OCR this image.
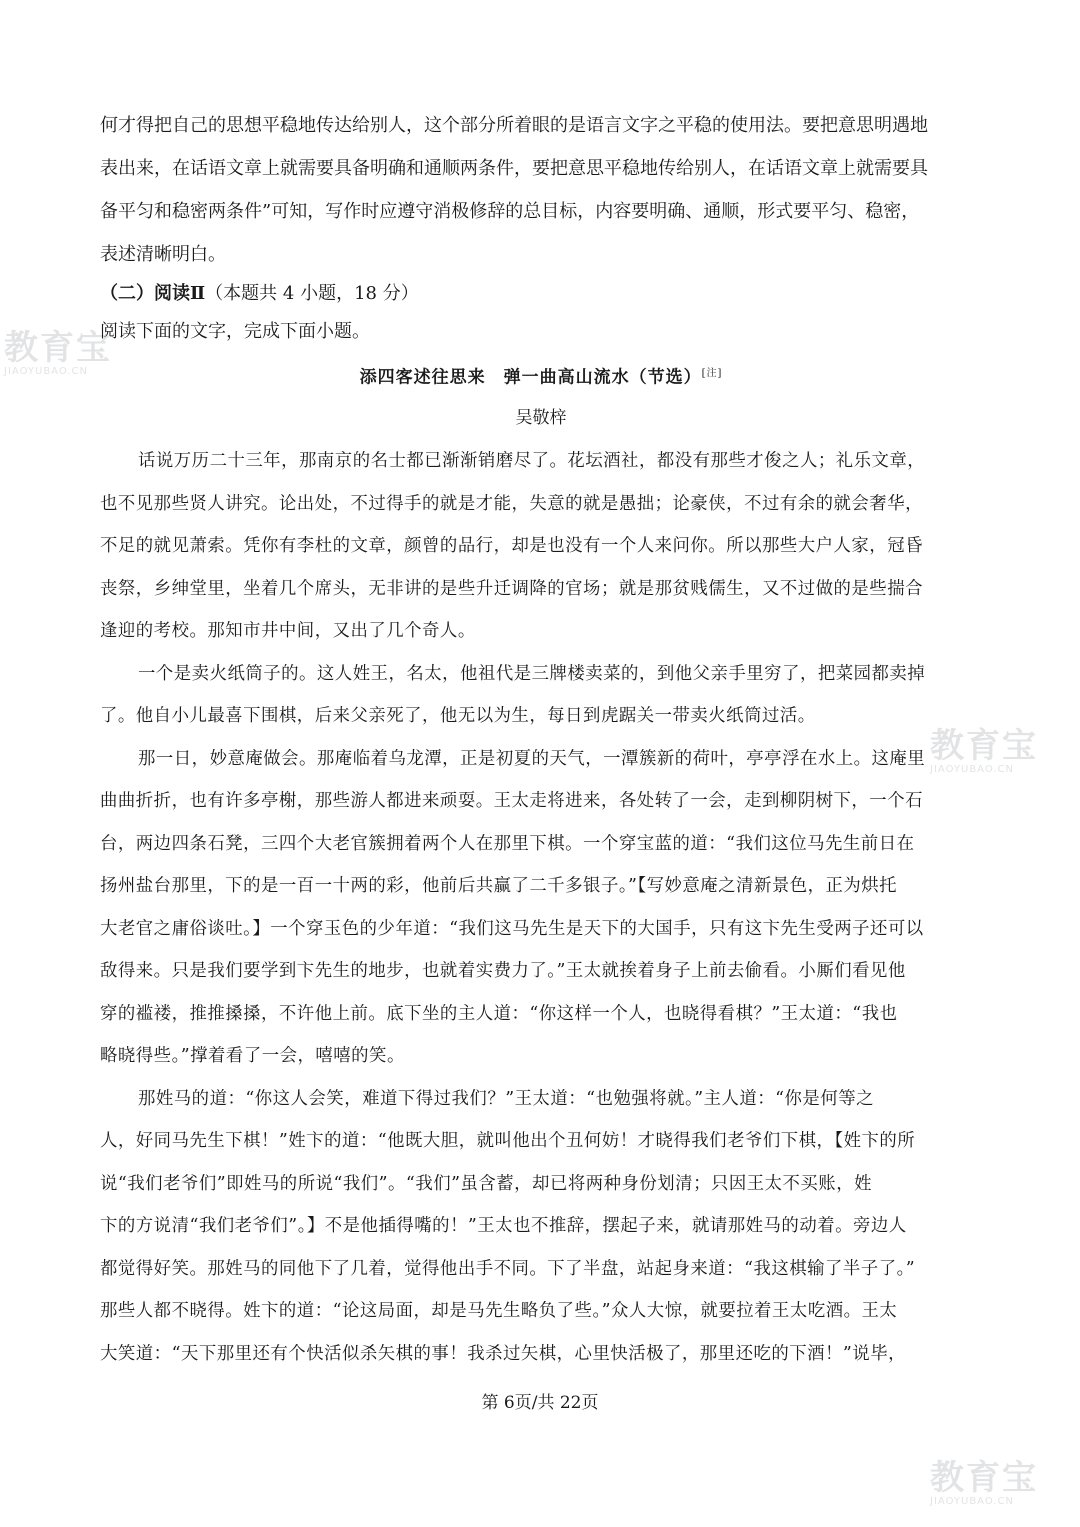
教育宝
JIAOYUBAO.CN
教育宝
JIAOYUBAO.CN
教育宝
JIAOYUBAO.CN
何才得把自己的思想平稳地传达给别人，这个部分所着眼的是语言文字之平稳的使用法。要把意思明遇地
表出来，在话语文章上就需要具备明确和通顺两条件，要把意思平稳地传给别人，在话语文章上就需要具
备平匀和稳密两条件”可知，写作时应遵守消极修辞的总目标，内容要明确、通顺，形式要平匀、稳密，
表述清晰明白。
（二）阅读Ⅱ（本题共 4 小题，18 分）
阅读下面的文字，完成下面小题。
添四客述往思来　弹一曲高山流水（节选）[注]
吴敬梓
话说万历二十三年，那南京的名士都已渐渐销磨尽了。花坛酒社，都没有那些才俊之人；礼乐文章，
也不见那些贤人讲究。论出处，不过得手的就是才能，失意的就是愚拙；论豪侠，不过有余的就会奢华，
不足的就见萧索。凭你有李杜的文章，颜曾的品行，却是也没有一个人来问你。所以那些大户人家，冠昏
丧祭，乡绅堂里，坐着几个席头，无非讲的是些升迁调降的官场；就是那贫贱儒生，又不过做的是些揣合
逢迎的考校。那知市井中间，又出了几个奇人。
一个是卖火纸筒子的。这人姓王，名太，他祖代是三牌楼卖菜的，到他父亲手里穷了，把菜园都卖掉
了。他自小儿最喜下围棋，后来父亲死了，他无以为生，每日到虎踞关一带卖火纸筒过活。
那一日，妙意庵做会。那庵临着乌龙潭，正是初夏的天气，一潭簇新的荷叶，亭亭浮在水上。这庵里
曲曲折折，也有许多亭榭，那些游人都进来顽耍。王太走将进来，各处转了一会，走到柳阴树下，一个石
台，两边四条石凳，三四个大老官簇拥着两个人在那里下棋。一个穿宝蓝的道：“我们这位马先生前日在
扬州盐台那里，下的是一百一十两的彩，他前后共赢了二千多银子。”【写妙意庵之清新景色，正为烘托
大老官之庸俗谈吐。】一个穿玉色的少年道：“我们这马先生是天下的大国手，只有这卞先生受两子还可以
敌得来。只是我们要学到卞先生的地步，也就着实费力了。”王太就挨着身子上前去偷看。小厮们看见他
穿的褴褛，推推搡搡，不许他上前。底下坐的主人道：“你这样一个人，也晓得看棋？”王太道：“我也
略晓得些。”撑着看了一会，嘻嘻的笑。
那姓马的道：“你这人会笑，难道下得过我们？”王太道：“也勉强将就。”主人道：“你是何等之
人，好同马先生下棋！”姓卞的道：“他既大胆，就叫他出个丑何妨！才晓得我们老爷们下棋，【姓卞的所
说“我们老爷们”即姓马的所说“我们”。“我们”虽含蓄，却已将两种身份划清；只因王太不买账，姓
卞的方说清“我们老爷们”。】不是他插得嘴的！”王太也不推辞，摆起子来，就请那姓马的动着。旁边人
都觉得好笑。那姓马的同他下了几着，觉得他出手不同。下了半盘，站起身来道：“我这棋输了半子了。”
那些人都不晓得。姓卞的道：“论这局面，却是马先生略负了些。”众人大惊，就要拉着王太吃酒。王太
大笑道：“天下那里还有个快活似杀矢棋的事！我杀过矢棋，心里快活极了，那里还吃的下酒！”说毕，
第 6页/共 22页
